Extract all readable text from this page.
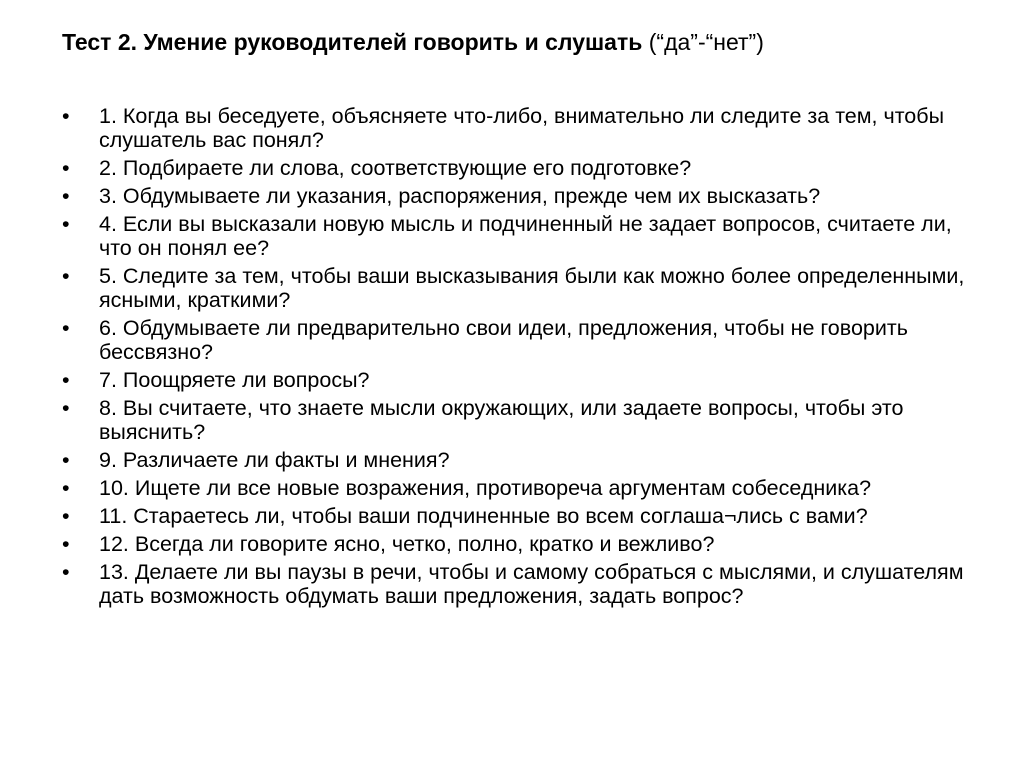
Тест 2. Умение руководителей говорить и слушать (“да”-“нет”)
•	1. Когда вы беседуете, объясняете что-либо, внимательно ли следите за тем, чтобы слушатель вас понял?
•	2. Подбираете ли слова, соответствующие его подготовке?
•	3. Обдумываете ли указания, распоряжения, прежде чем их высказать?
•	4. Если вы высказали новую мысль и подчиненный не задает вопросов, считаете ли, что он понял ее?
•	5. Следите за тем, чтобы ваши высказывания были как можно более определенными, ясными, краткими?
•	6. Обдумываете ли предварительно свои идеи, предложения, чтобы не говорить бессвязно?
•	7. Поощряете ли вопросы?
•	8. Вы считаете, что знаете мысли окружающих, или задаете вопросы, чтобы это выяснить?
•	9. Различаете ли факты и мнения?
•	10. Ищете ли все новые возражения, противореча аргументам собеседника?
•	11. Стараетесь ли, чтобы ваши подчиненные во всем соглаша¬лись с вами?
•	12. Всегда ли говорите ясно, четко, полно, кратко и вежливо?
•	13. Делаете ли вы паузы в речи, чтобы и самому собраться с мыслями, и слушателям дать возможность обдумать ваши предложения, задать вопрос?
